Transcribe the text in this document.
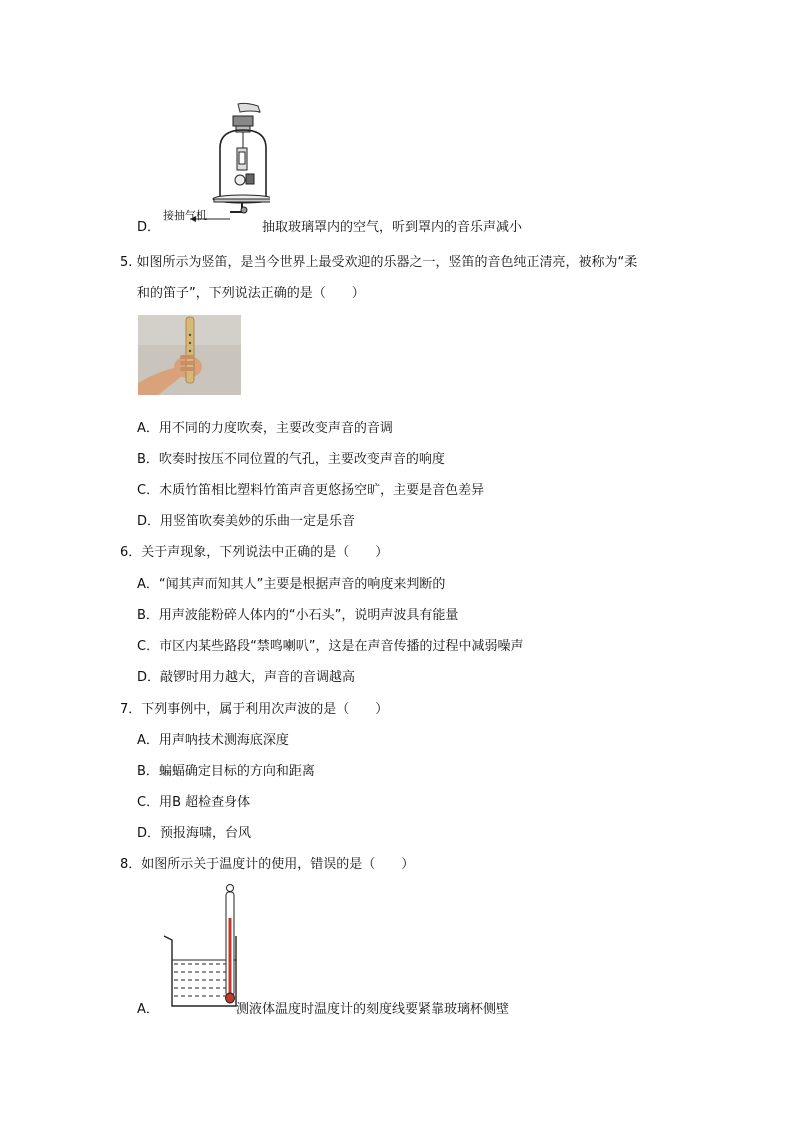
接抽气机
D．	抽取玻璃罩内的空气，听到罩内的音乐声减小
5. 如图所示为竖笛，是当今世界上最受欢迎的乐器之一，竖笛的音色纯正清亮，被称为“柔
和的笛子”，下列说法正确的是（　　）
A．用不同的力度吹奏，主要改变声音的音调
B．吹奏时按压不同位置的气孔，主要改变声音的响度
C．木质竹笛相比塑料竹笛声音更悠扬空旷，主要是音色差异
D．用竖笛吹奏美妙的乐曲一定是乐音
6．关于声现象，下列说法中正确的是（　　）
A．“闻其声而知其人”主要是根据声音的响度来判断的
B．用声波能粉碎人体内的“小石头”，说明声波具有能量
C．市区内某些路段“禁鸣喇叭”，这是在声音传播的过程中减弱噪声
D．敲锣时用力越大，声音的音调越高
7．下列事例中，属于利用次声波的是（　　）
A．用声呐技术测海底深度
B．蝙蝠确定目标的方向和距离
C．用B 超检查身体
D．预报海啸，台风
8．如图所示关于温度计的使用，错误的是（　　）
A．	测液体温度时温度计的刻度线要紧靠玻璃杯侧壁
